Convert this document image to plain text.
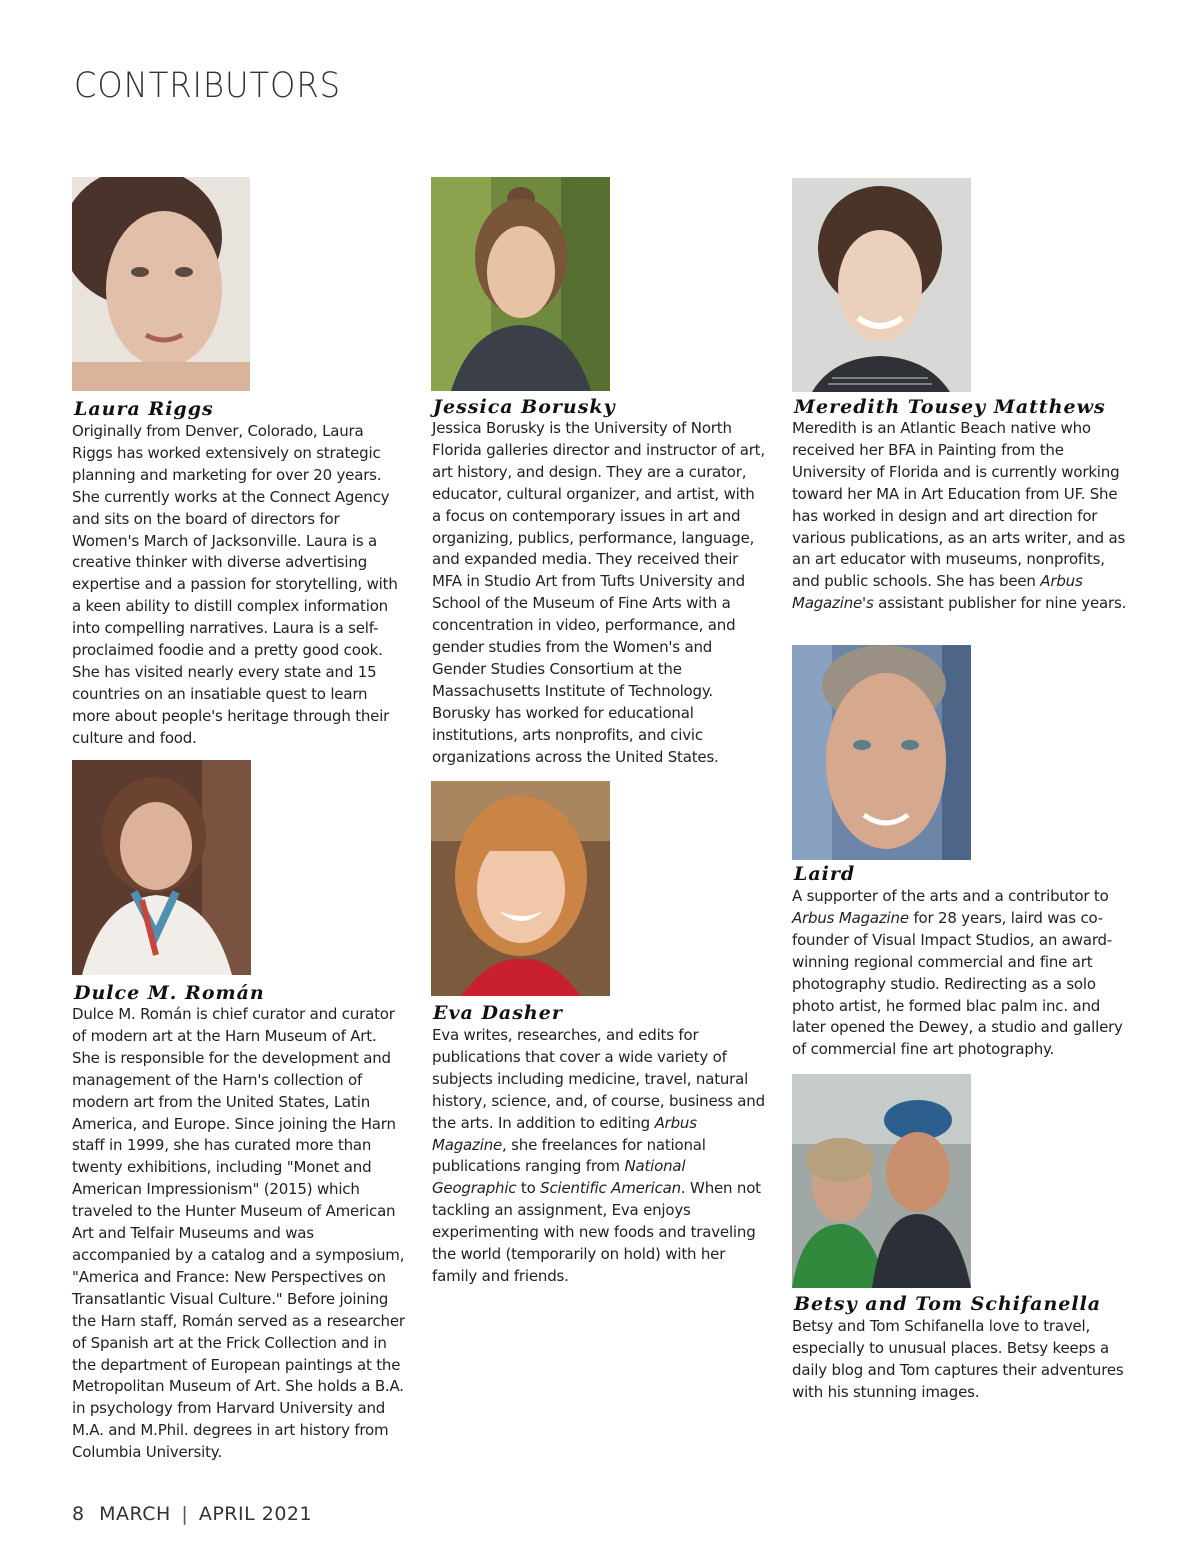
CONTRIBUTORS
Laura Riggs
Originally from Denver, Colorado, Laura Riggs has worked extensively on strategic planning and marketing for over 20 years. She currently works at the Connect Agency and sits on the board of directors for Women's March of Jacksonville. Laura is a creative thinker with diverse advertising expertise and a passion for storytelling, with a keen ability to distill complex information into compelling narratives. Laura is a self-proclaimed foodie and a pretty good cook. She has visited nearly every state and 15 countries on an insatiable quest to learn more about people's heritage through their culture and food.
Dulce M. Román
Dulce M. Román is chief curator and curator of modern art at the Harn Museum of Art. She is responsible for the development and management of the Harn's collection of modern art from the United States, Latin America, and Europe. Since joining the Harn staff in 1999, she has curated more than twenty exhibitions, including "Monet and American Impressionism" (2015) which traveled to the Hunter Museum of American Art and Telfair Museums and was accompanied by a catalog and a symposium, "America and France: New Perspectives on Transatlantic Visual Culture." Before joining the Harn staff, Román served as a researcher of Spanish art at the Frick Collection and in the department of European paintings at the Metropolitan Museum of Art. She holds a B.A. in psychology from Harvard University and M.A. and M.Phil. degrees in art history from Columbia University.
Jessica Borusky
Jessica Borusky is the University of North Florida galleries director and instructor of art, art history, and design. They are a curator, educator, cultural organizer, and artist, with a focus on contemporary issues in art and organizing, publics, performance, language, and expanded media. They received their MFA in Studio Art from Tufts University and School of the Museum of Fine Arts with a concentration in video, performance, and gender studies from the Women's and Gender Studies Consortium at the Massachusetts Institute of Technology. Borusky has worked for educational institutions, arts nonprofits, and civic organizations across the United States.
Eva Dasher
Eva writes, researches, and edits for publications that cover a wide variety of subjects including medicine, travel, natural history, science, and, of course, business and the arts. In addition to editing Arbus Magazine, she freelances for national publications ranging from National Geographic to Scientific American. When not tackling an assignment, Eva enjoys experimenting with new foods and traveling the world (temporarily on hold) with her family and friends.
Meredith Tousey Matthews
Meredith is an Atlantic Beach native who received her BFA in Painting from the University of Florida and is currently working toward her MA in Art Education from UF. She has worked in design and art direction for various publications, as an arts writer, and as an art educator with museums, nonprofits, and public schools. She has been Arbus Magazine's assistant publisher for nine years.
Laird
A supporter of the arts and a contributor to Arbus Magazine for 28 years, laird was co-founder of Visual Impact Studios, an award-winning regional commercial and fine art photography studio. Redirecting as a solo photo artist, he formed blac palm inc. and later opened the Dewey, a studio and gallery of commercial fine art photography.
Betsy and Tom Schifanella
Betsy and Tom Schifanella love to travel, especially to unusual places. Betsy keeps a daily blog and Tom captures their adventures with his stunning images.
8 MARCH | APRIL 2021
